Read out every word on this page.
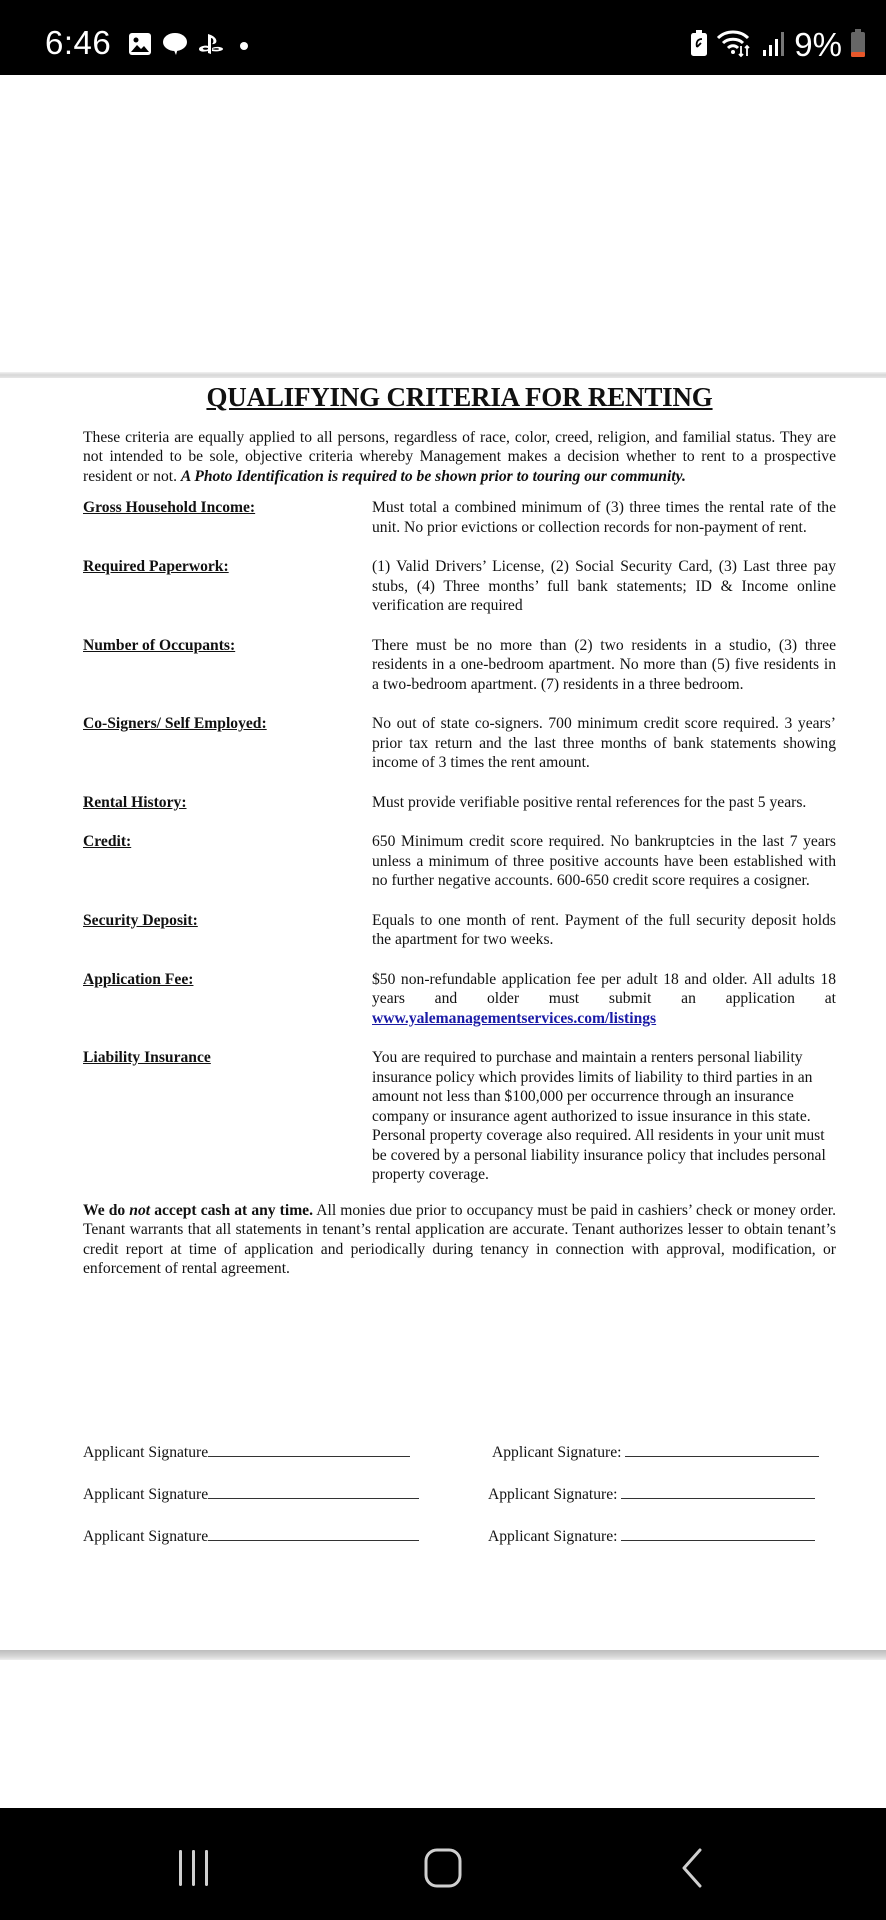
6:46	9%
QUALIFYING CRITERIA FOR RENTING

These criteria are equally applied to all persons, regardless of race, color, creed, religion, and familial status. They are not intended to be sole, objective criteria whereby Management makes a decision whether to rent to a prospective resident or not. A Photo Identification is required to be shown prior to touring our community.

Gross Household Income:	Must total a combined minimum of (3) three times the rental rate of the unit. No prior evictions or collection records for non-payment of rent.
Required Paperwork:	(1) Valid Drivers’ License, (2) Social Security Card, (3) Last three pay stubs, (4) Three months’ full bank statements; ID & Income online verification are required
Number of Occupants:	There must be no more than (2) two residents in a studio, (3) three residents in a one-bedroom apartment. No more than (5) five residents in a two-bedroom apartment. (7) residents in a three bedroom.
Co-Signers/ Self Employed:	No out of state co-signers. 700 minimum credit score required. 3 years’ prior tax return and the last three months of bank statements showing income of 3 times the rent amount.
Rental History:	Must provide verifiable positive rental references for the past 5 years.
Credit:	650 Minimum credit score required. No bankruptcies in the last 7 years unless a minimum of three positive accounts have been established with no further negative accounts. 600-650 credit score requires a cosigner.
Security Deposit:	Equals to one month of rent. Payment of the full security deposit holds the apartment for two weeks.
Application Fee:	$50 non-refundable application fee per adult 18 and older. All adults 18 years and older must submit an application at www.yalemanagementservices.com/listings
Liability Insurance	You are required to purchase and maintain a renters personal liability insurance policy which provides limits of liability to third parties in an amount not less than $100,000 per occurrence through an insurance company or insurance agent authorized to issue insurance in this state. Personal property coverage also required. All residents in your unit must be covered by a personal liability insurance policy that includes personal property coverage.

We do not accept cash at any time. All monies due prior to occupancy must be paid in cashiers’ check or money order. Tenant warrants that all statements in tenant’s rental application are accurate. Tenant authorizes lesser to obtain tenant’s credit report at time of application and periodically during tenancy in connection with approval, modification, or enforcement of rental agreement.

Applicant Signature	Applicant Signature:
Applicant Signature	Applicant Signature:
Applicant Signature	Applicant Signature:
